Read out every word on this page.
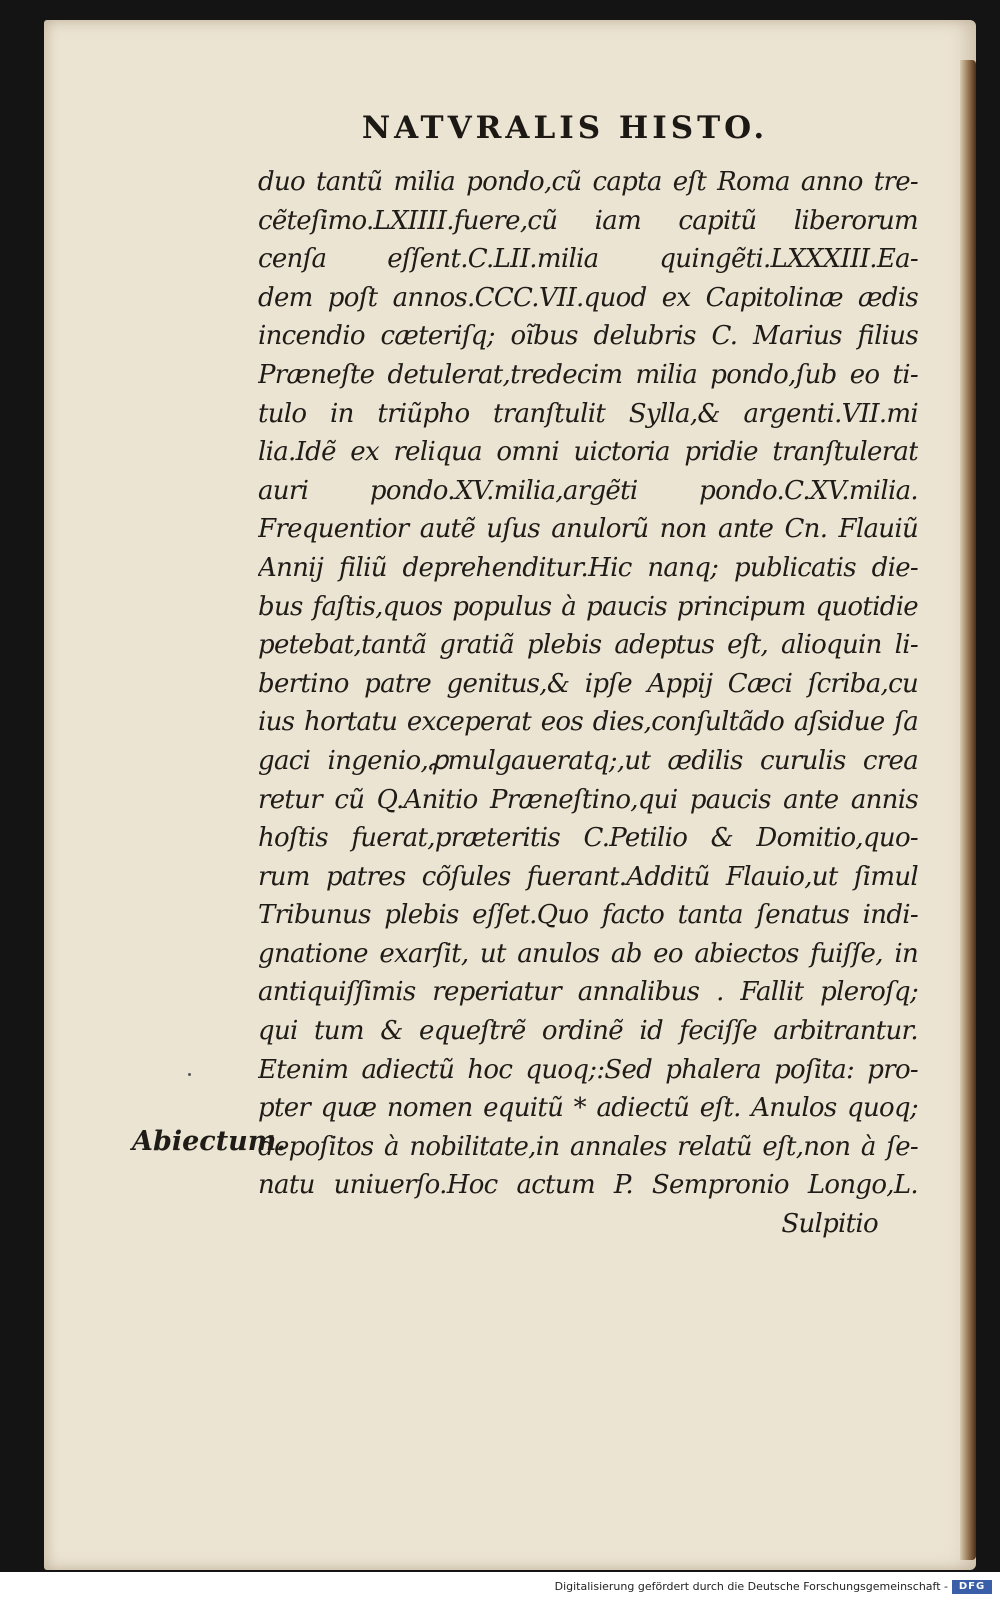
NATVRALIS HISTO.
duo tantũ milia pondo,cũ capta eſt Roma anno tre-
cẽteſimo.LXIIII.fuere,cũ iam capitũ liberorum
cenſa eſſent.C.LII.milia quingẽti.LXXXIII.Ea-
dem poſt annos.CCC.VII.quod ex Capitolinæ ædis
incendio cæteriſq; oĩbus delubris C. Marius filius
Præneſte detulerat,tredecim milia pondo,ſub eo ti-
tulo in triũpho tranſtulit Sylla,& argenti.VII.mi
lia.Idẽ ex reliqua omni uictoria pridie tranſtulerat
auri pondo.XV.milia,argẽti pondo.C.XV.milia.
Frequentior autẽ uſus anulorũ non ante Cn. Flauiũ
Annij filiũ deprehenditur.Hic nanq; publicatis die-
bus faſtis,quos populus à paucis principum quotidie
petebat,tantã gratiã plebis adeptus eſt, alioquin li-
bertino patre genitus,& ipſe Appij Cæci ſcriba,cu
ius hortatu exceperat eos dies,conſultãdo aſsidue ſa
gaci ingenio,ꝓmulgaueratq;,ut ædilis curulis crea
retur cũ Q.Anitio Præneſtino,qui paucis ante annis
hoſtis fuerat,præteritis C.Petilio & Domitio,quo-
rum patres cõſules fuerant.Additũ Flauio,ut ſimul
Tribunus plebis eſſet.Quo facto tanta ſenatus indi-
gnatione exarſit, ut anulos ab eo abiectos fuiſſe, in
antiquiſſimis reperiatur annalibus . Fallit pleroſq;
qui tum & equeſtrẽ ordinẽ id feciſſe arbitrantur.
Etenim adiectũ hoc quoq;:Sed phalera poſita: pro-
pter quæ nomen equitũ * adiectũ eſt. Anulos quoq;
depoſitos à nobilitate,in annales relatũ eſt,non à ſe-
natu uniuerſo.Hoc actum P. Sempronio Longo,L.
Sulpitio
Abiectum.
Digitalisierung gefördert durch die Deutsche Forschungsgemeinschaft -	DFG
